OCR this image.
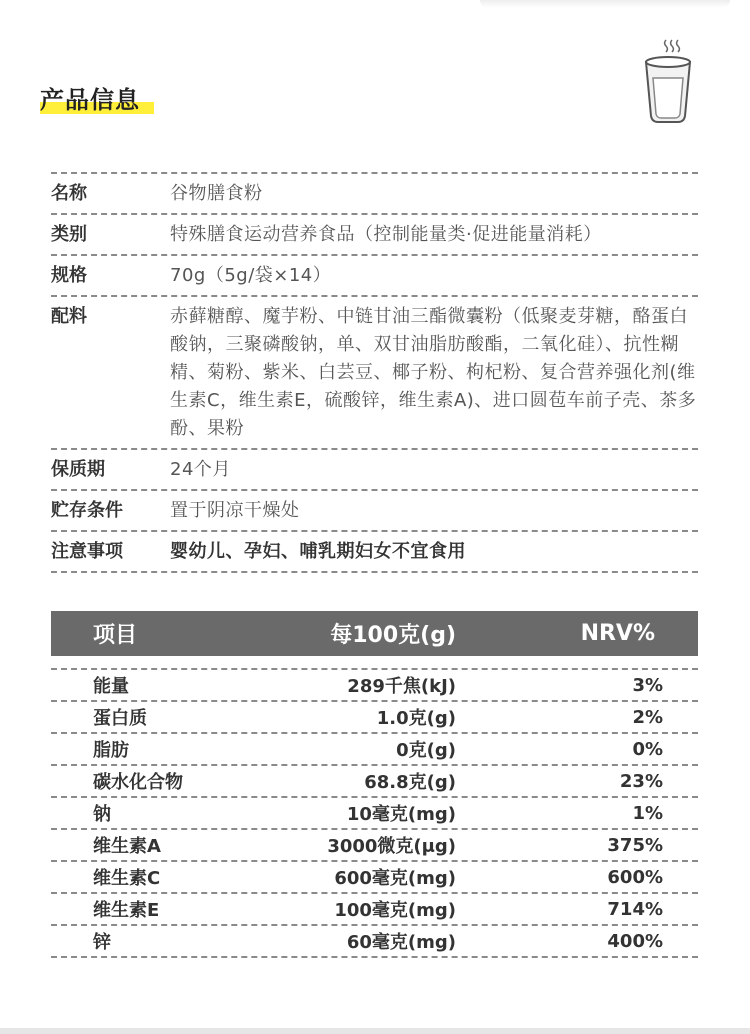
产品信息
名称	谷物膳食粉
类别	特殊膳食运动营养食品（控制能量类·促进能量消耗）
规格	70g（5g/袋×14）
配料	赤藓糖醇、魔芋粉、中链甘油三酯微囊粉（低聚麦芽糖，酪蛋白酸钠，三聚磷酸钠，单、双甘油脂肪酸酯，二氧化硅）、抗性糊精、菊粉、紫米、白芸豆、椰子粉、枸杞粉、复合营养强化剂(维生素C，维生素E，硫酸锌，维生素A)、进口圆苞车前子壳、茶多酚、果粉
保质期	24个月
贮存条件	置于阴凉干燥处
注意事项	婴幼儿、孕妇、哺乳期妇女不宜食用
项目	每100克(g)	NRV%
能量	289千焦(kJ)	3%
蛋白质	1.0克(g)	2%
脂肪	0克(g)	0%
碳水化合物	68.8克(g)	23%
钠	10毫克(mg)	1%
维生素A	3000微克(μg)	375%
维生素C	600毫克(mg)	600%
维生素E	100毫克(mg)	714%
锌	60毫克(mg)	400%
